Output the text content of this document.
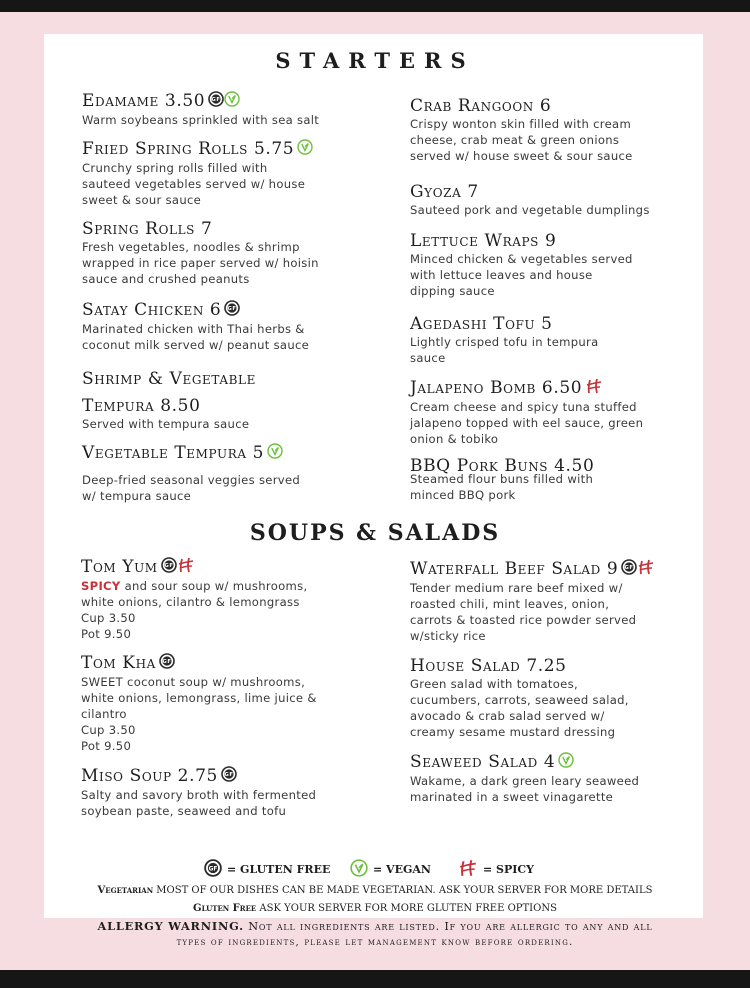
STARTERS
SOUPS & SALADS
Edamame 3.50 GF
Warm soybeans sprinkled with sea salt
Fried Spring Rolls 5.75
Crunchy spring rolls filled with
sauteed vegetables served w/ house
sweet & sour sauce
Spring Rolls 7
Fresh vegetables, noodles & shrimp
wrapped in rice paper served w/ hoisin
sauce and crushed peanuts
Satay Chicken 6 GF
Marinated chicken with Thai herbs &
coconut milk served w/ peanut sauce
Shrimp & Vegetable
Tempura 8.50
Served with tempura sauce
Vegetable Tempura 5
Deep-fried seasonal veggies served
w/ tempura sauce
Crab Rangoon 6
Crispy wonton skin filled with cream
cheese, crab meat & green onions
served w/ house sweet & sour sauce
Gyoza 7
Sauteed pork and vegetable dumplings
Lettuce Wraps 9
Minced chicken & vegetables served
with lettuce leaves and house
dipping sauce
Agedashi Tofu 5
Lightly crisped tofu in tempura
sauce
Jalapeno Bomb 6.50
Cream cheese and spicy tuna stuffed
jalapeno topped with eel sauce, green
onion & tobiko
BBQ Pork Buns 4.50
Steamed flour buns filled with
minced BBQ pork
Tom Yum GF
SPICY and sour soup w/ mushrooms,
white onions, cilantro & lemongrass
Cup 3.50
Pot 9.50
Tom Kha GF
SWEET coconut soup w/ mushrooms,
white onions, lemongrass, lime juice &
cilantro
Cup 3.50
Pot 9.50
Miso Soup 2.75 GF
Salty and savory broth with fermented
soybean paste, seaweed and tofu
Waterfall Beef Salad 9 GF
Tender medium rare beef mixed w/
roasted chili, mint leaves, onion,
carrots & toasted rice powder served
w/sticky rice
House Salad 7.25
Green salad with tomatoes,
cucumbers, carrots, seaweed salad,
avocado & crab salad served w/
creamy sesame mustard dressing
Seaweed Salad 4
Wakame, a dark green leary seaweed
marinated in a sweet vinagarette
GF = GLUTEN FREE	= VEGAN	= SPICY
Vegetarian MOST OF OUR DISHES CAN BE MADE VEGETARIAN. ASK YOUR SERVER FOR MORE DETAILS
Gluten Free ASK YOUR SERVER FOR MORE GLUTEN FREE OPTIONS
ALLERGY WARNING. Not all ingredients are listed. If you are allergic to any and all
types of ingredients, please let management know before ordering.
